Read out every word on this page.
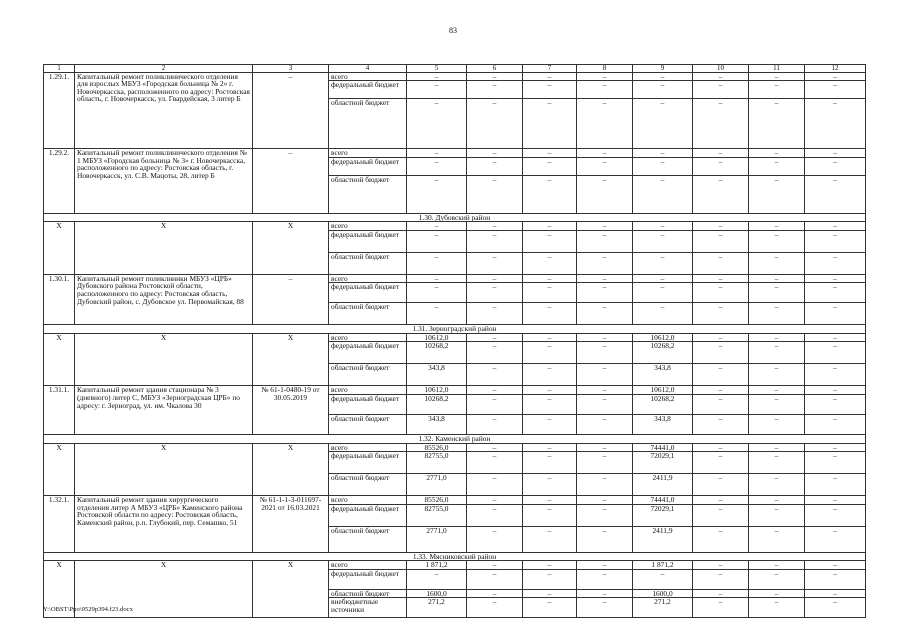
83
1	2	3	4	5	6	7	8	9	10	11	12
1.29.1.	Капитальный ремонт поликлинического отделения для взрослых МБУЗ «Городская больница № 2» г. Новочеркасска, расположенного по адресу: Ростовская область, г. Новочеркасск, ул. Гвардейская, 3 литер Б	–	всего	–	–	–	–	–	–	–	–
			федеральный бюджет	–	–	–	–	–	–	–	–
			областной бюджет	–	–	–	–	–	–	–	–
1.29.2.	Капитальный ремонт поликлинического отделения № 1 МБУЗ «Городская больница № 3» г. Новочеркасска, расположенного по адресу: Ростовская область, г. Новочеркасск, ул. С.В. Мацоты, 28, литер Б	–	всего	–	–	–	–	–	–	–	–
			федеральный бюджет	–	–	–	–	–	–	–	–
			областной бюджет	–	–	–	–	–	–	–	–
1.30. Дубовский район											
Х	Х	Х	всего	–	–	–	–	–	–	–	–
			федеральный бюджет	–	–	–	–	–	–	–	–
			областной бюджет	–	–	–	–	–	–	–	–
1.30.1.	Капитальный ремонт поликлиники МБУЗ «ЦРБ» Дубовского района Ростовской области, расположенного по адресу: Ростовская область, Дубовский район, с. Дубовское ул. Первомайская, 88	–	всего	–	–	–	–	–	–	–	–
			федеральный бюджет	–	–	–	–	–	–	–	–
			областной бюджет	–	–	–	–	–	–	–	–
1.31. Зерноградский район											
Х	Х	Х	всего	10612,0	–	–	–	10612,0	–	–	–
			федеральный бюджет	10268,2	–	–	–	10268,2	–	–	–
			областной бюджет	343,8	–	–	–	343,8	–	–	–
1.31.1.	Капитальный ремонт здания стационара № 3 (дневного) литер С, МБУЗ «Зерноградская ЦРБ» по адресу: г. Зерноград, ул. им. Чкалова 30	№ 61-1-0480-19 от 30.05.2019	всего	10612,0	–	–	–	10612,0	–	–	–
			федеральный бюджет	10268,2	–	–	–	10268,2	–	–	–
			областной бюджет	343,8	–	–	–	343,8	–	–	–
1.32. Каменский район											
Х	Х	Х	всего	85526,0	–	–	–	74441,0	–	–	–
			федеральный бюджет	82755,0	–	–	–	72029,1	–	–	–
			областной бюджет	2771,0	–	–	–	2411,9	–	–	–
1.32.1.	Капитальный ремонт здания хирургического отделения литер А МБУЗ «ЦРБ» Каменского района Ростовской области по адресу: Ростовская область, Каменский район, р.п. Глубокий, пер. Семашко, 51	№ 61-1-1-3-011697-2021 от 16.03.2021	всего	85526,0	–	–	–	74441,0	–	–	–
			федеральный бюджет	82755,0	–	–	–	72029,1	–	–	–
			областной бюджет	2771,0	–	–	–	2411,9	–	–	–
1.33. Мясниковский район											
Х	Х	Х	всего	1 871,2	–	–	–	1 871,2	–	–	–
			федеральный бюджет	–	–	–	–	–	–	–	–
			областной бюджет	1600,0	–	–	–	1600,0	–	–	–
			внебюджетные источники	271,2	–	–	–	271,2	–	–	–
Y:\OBST\Ppo\0529p394.f23.docx
